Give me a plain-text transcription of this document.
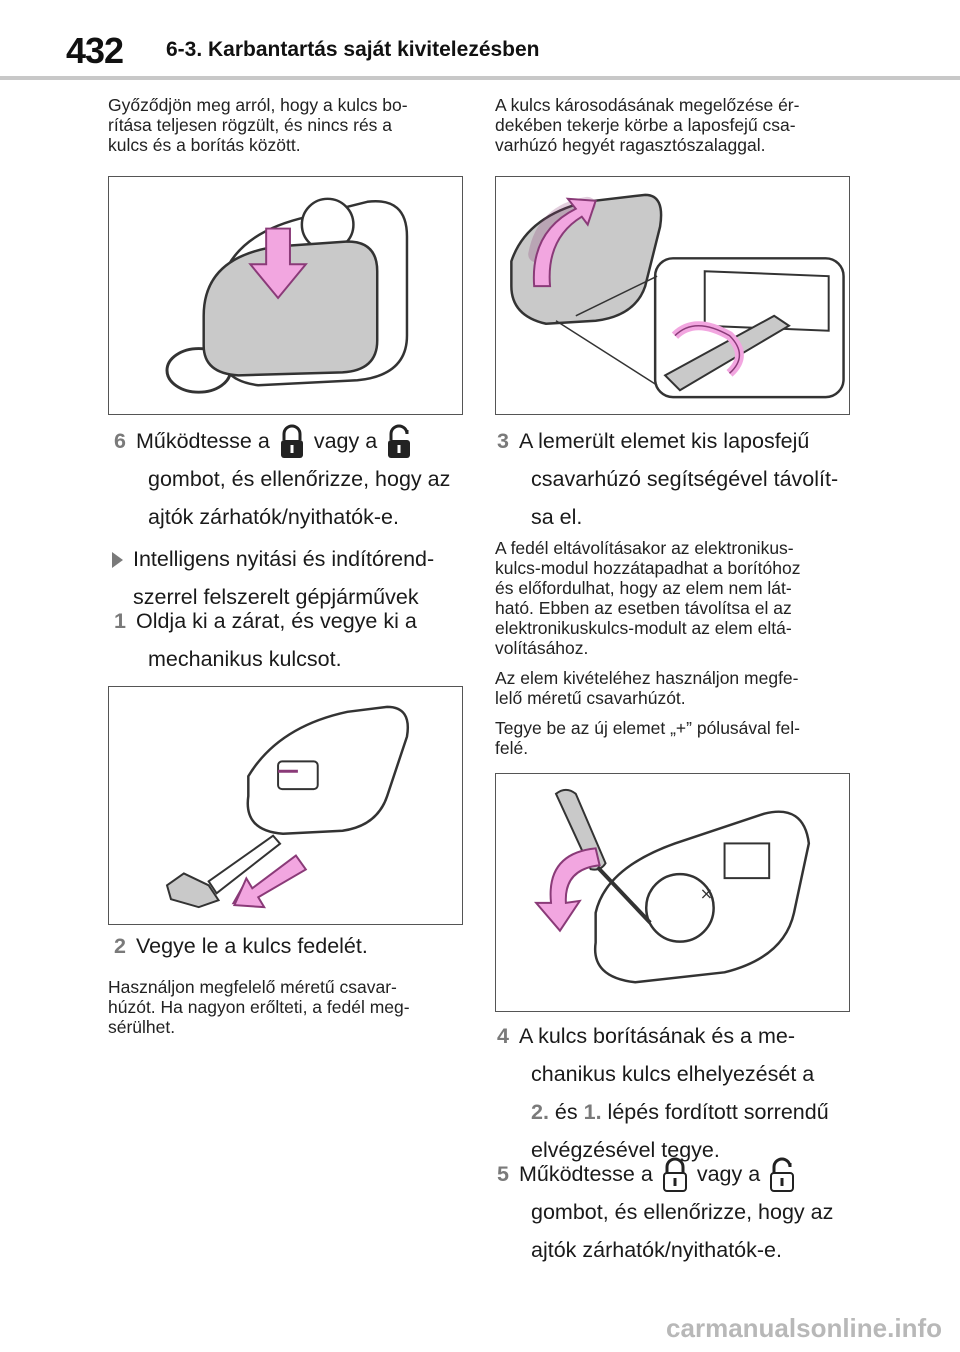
432 6-3. Karbantartás saját kivitelezésben
Győződjön meg arról, hogy a kulcs bo-
rítása teljesen rögzült, és nincs rés a
kulcs és a borítás között.
6 Működtesse a vagy a
gombot, és ellenőrizze, hogy az
ajtók zárhatók/nyithatók-e.
Intelligens nyitási és indítórend-
szerrel felszerelt gépjárművek
1 Oldja ki a zárat, és vegye ki a
mechanikus kulcsot.
2 Vegye le a kulcs fedelét.
Használjon megfelelő méretű csavar-
húzót. Ha nagyon erőlteti, a fedél meg-
sérülhet.
A kulcs károsodásának megelőzése ér-
dekében tekerje körbe a laposfejű csa-
varhúzó hegyét ragasztószalaggal.
3 A lemerült elemet kis laposfejű
csavarhúzó segítségével távolít-
sa el.
A fedél eltávolításakor az elektronikus-
kulcs-modul hozzátapadhat a borítóhoz
és előfordulhat, hogy az elem nem lát-
ható. Ebben az esetben távolítsa el az
elektronikuskulcs-modult az elem eltá-
volításához.
Az elem kivételéhez használjon megfe-
lelő méretű csavarhúzót.
Tegye be az új elemet „+” pólusával fel-
felé.
×
4 A kulcs borításának és a me-
chanikus kulcs elhelyezését a
2. és 1. lépés fordított sorrendű
elvégzésével tegye.
5 Működtesse a vagy a
gombot, és ellenőrizze, hogy az
ajtók zárhatók/nyithatók-e.
carmanualsonline.info
